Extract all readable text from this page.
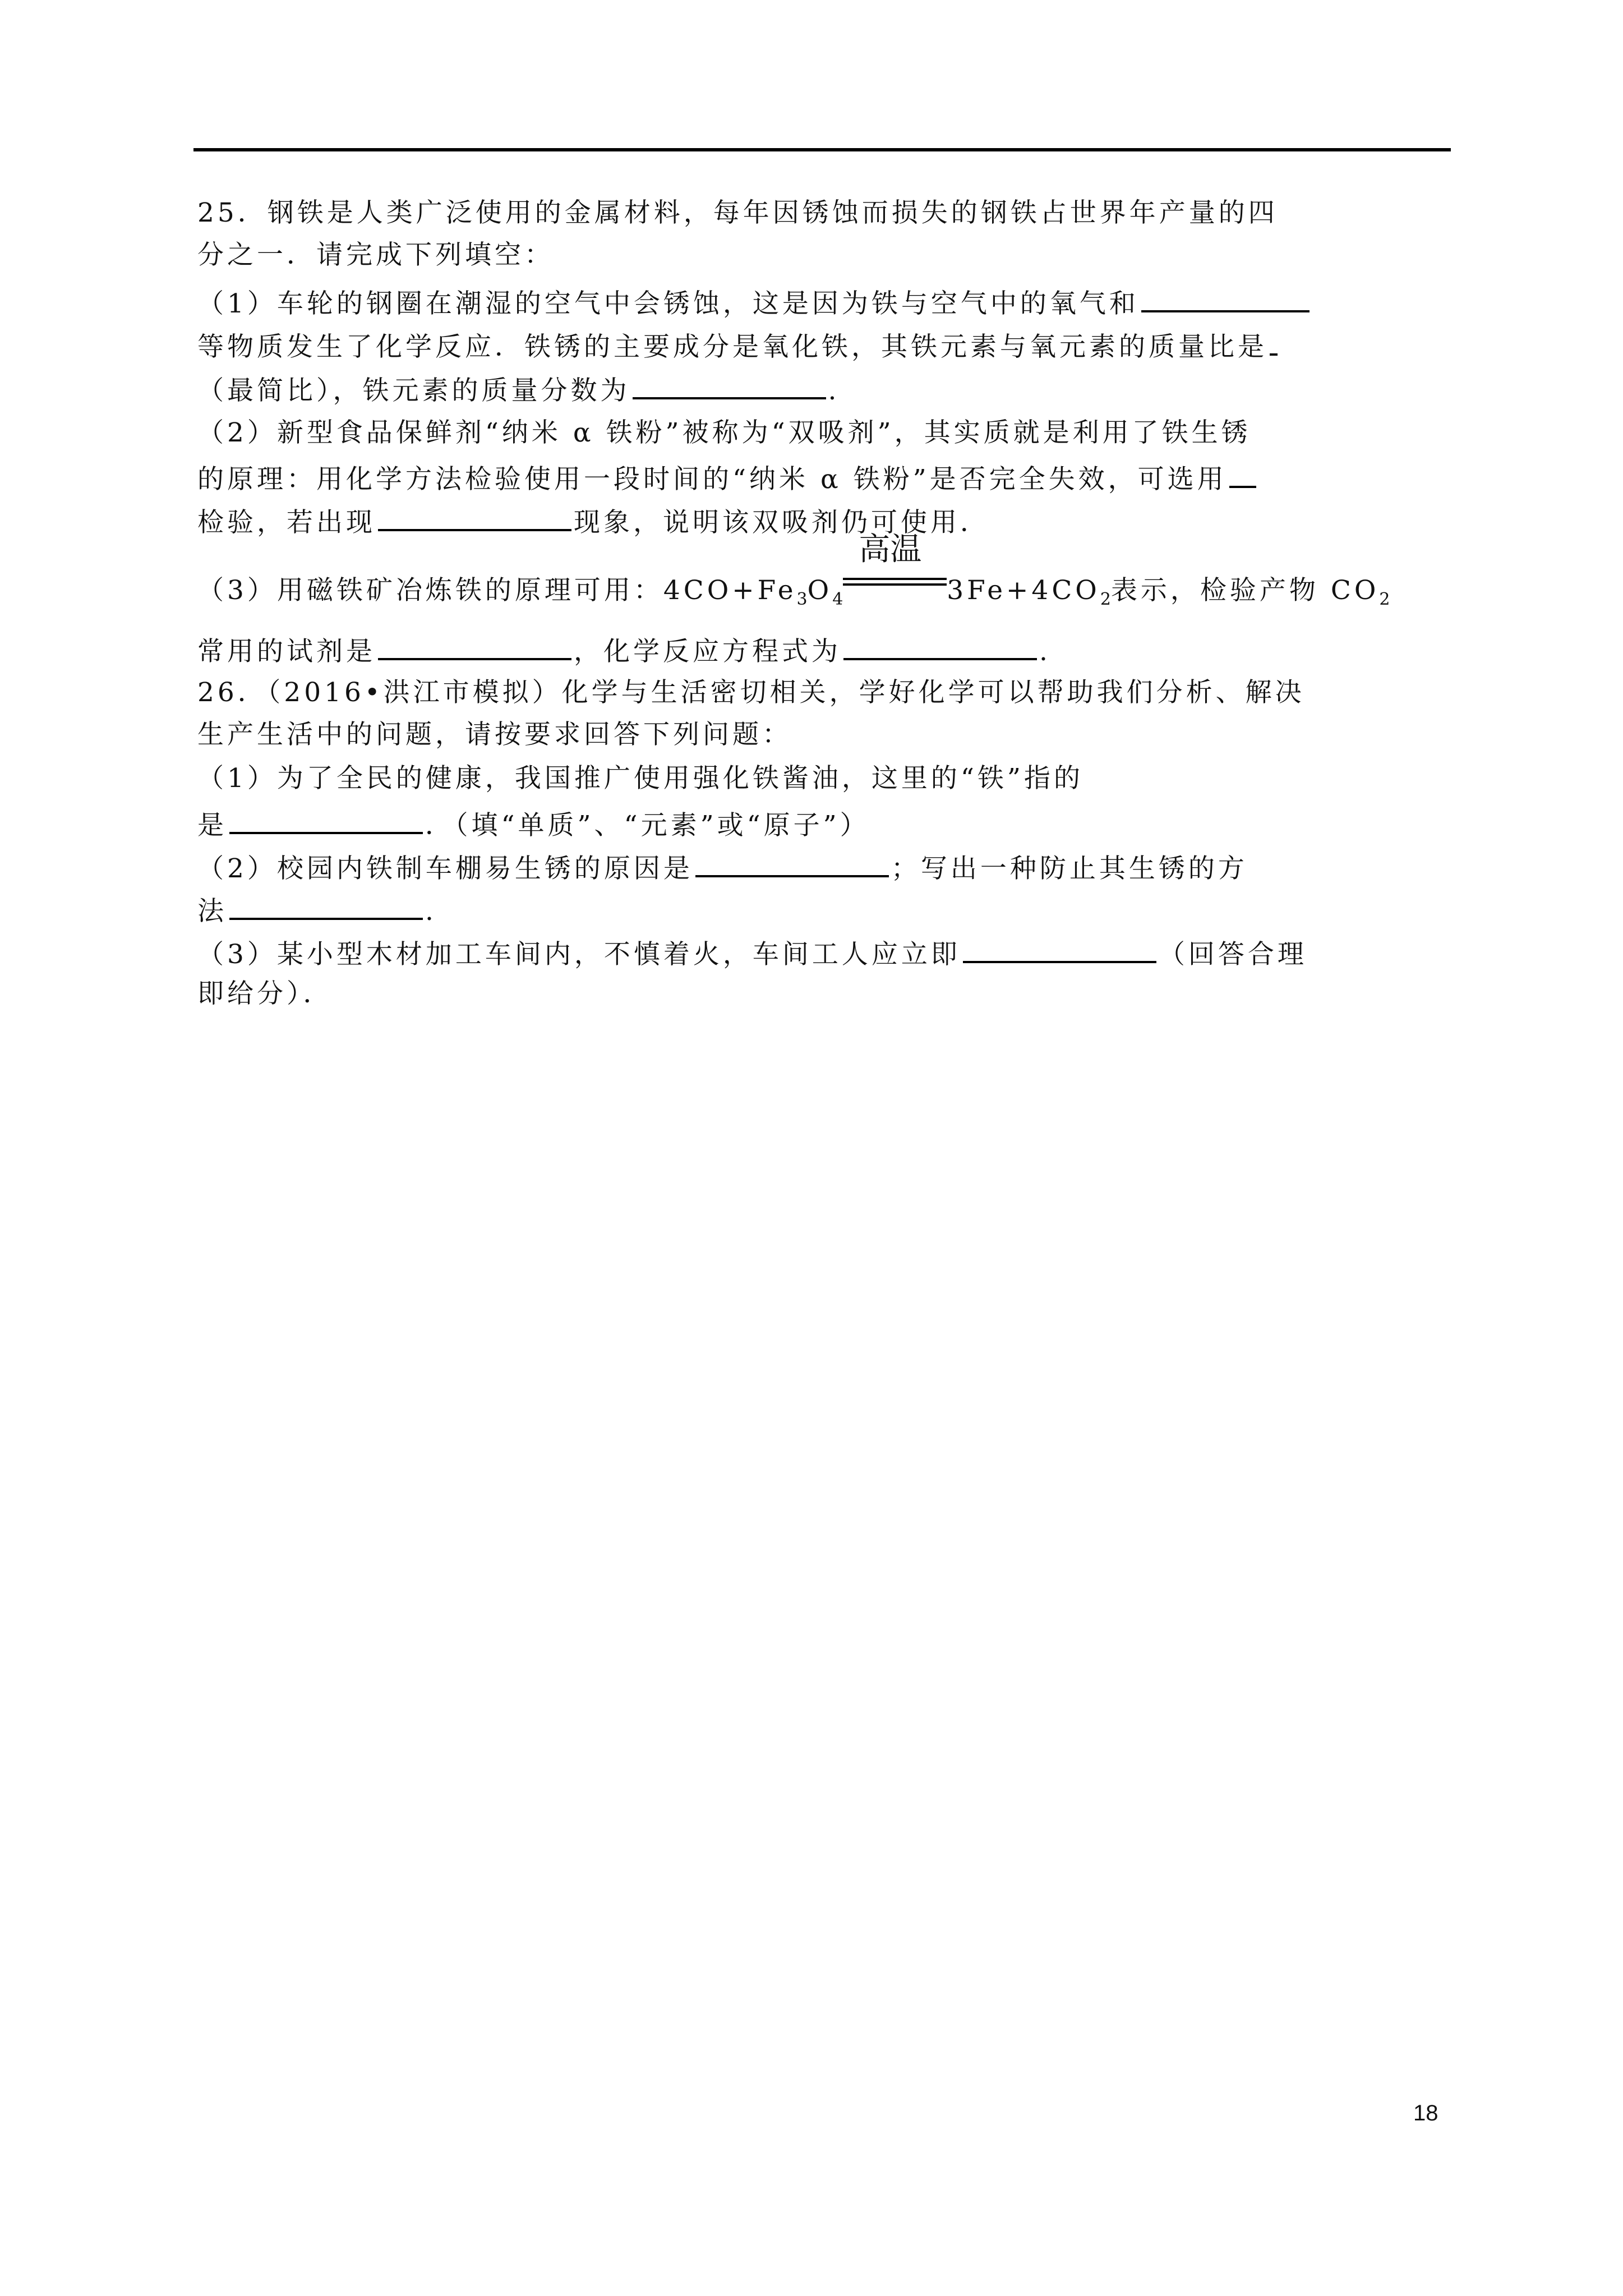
25．钢铁是人类广泛使用的金属材料，每年因锈蚀而损失的钢铁占世界年产量的四
分之一．请完成下列填空：
（1）车轮的钢圈在潮湿的空气中会锈蚀，这是因为铁与空气中的氧气和
等物质发生了化学反应．铁锈的主要成分是氧化铁，其铁元素与氧元素的质量比是
（最简比），铁元素的质量分数为	.
（2）新型食品保鲜剂“纳米 α 铁粉”被称为“双吸剂”，其实质就是利用了铁生锈
的原理：用化学方法检验使用一段时间的“纳米 α 铁粉”是否完全失效，可选用
检验，若出现	现象，说明该双吸剂仍可使用．
（3）用磁铁矿冶炼铁的原理可用：$4CO+Fe_3O_4$
高温
$3Fe+4CO_2$表示，检验产物 $CO_2$
常用的试剂是	，化学反应方程式为	.
26．（2016•洪江市模拟）化学与生活密切相关，学好化学可以帮助我们分析、解决
生产生活中的问题，请按要求回答下列问题：
（1）为了全民的健康，我国推广使用强化铁酱油，这里的“铁”指的
是	．（填“单质”、“元素”或“原子”）
（2）校园内铁制车棚易生锈的原因是	；写出一种防止其生锈的方
法	.
（3）某小型木材加工车间内，不慎着火，车间工人应立即	（回答合理
即给分）．
18
